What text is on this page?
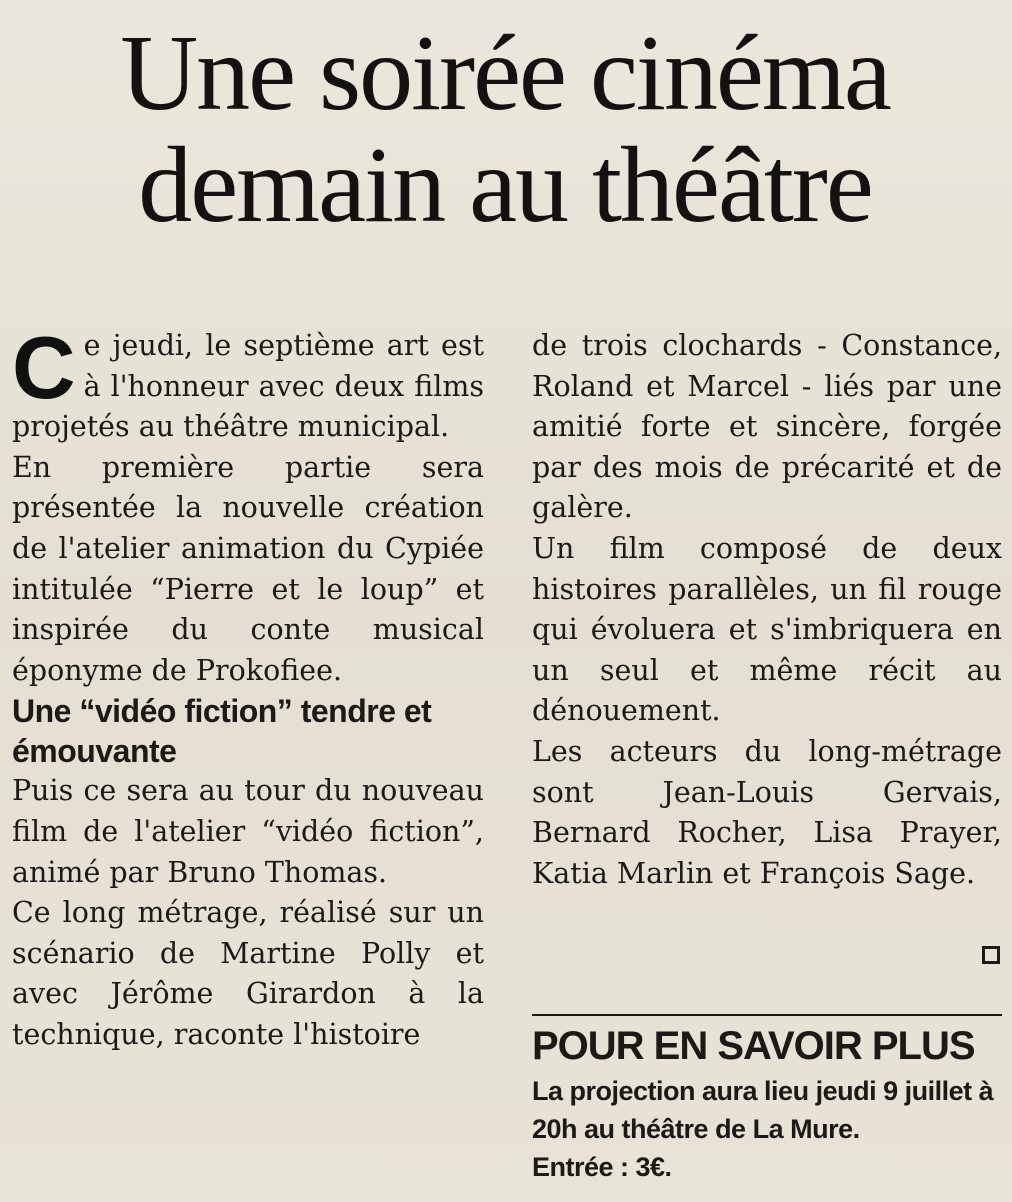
Une soirée cinéma
demain au théâtre

Ce jeudi, le septième art est à l'honneur avec deux films projetés au théâtre municipal.

En première partie sera présentée la nouvelle création de l'atelier animation du Cypiée intitulée “Pierre et le loup” et inspirée du conte musical éponyme de Prokofiee.

Une “vidéo fiction” tendre et émouvante

Puis ce sera au tour du nouveau film de l'atelier “vidéo fiction”, animé par Bruno Thomas.

Ce long métrage, réalisé sur un scénario de Martine Polly et avec Jérôme Girardon à la technique, raconte l'histoire

de trois clochards - Constance, Roland et Marcel - liés par une amitié forte et sincère, forgée par des mois de précarité et de galère.

Un film composé de deux histoires parallèles, un fil rouge qui évoluera et s'imbriquera en un seul et même récit au dénouement.

Les acteurs du long-métrage sont Jean-Louis Gervais, Bernard Rocher, Lisa Prayer, Katia Marlin et François Sage.

POUR EN SAVOIR PLUS

La projection aura lieu jeudi 9 juillet à 20h au théâtre de La Mure.

Entrée : 3€.
